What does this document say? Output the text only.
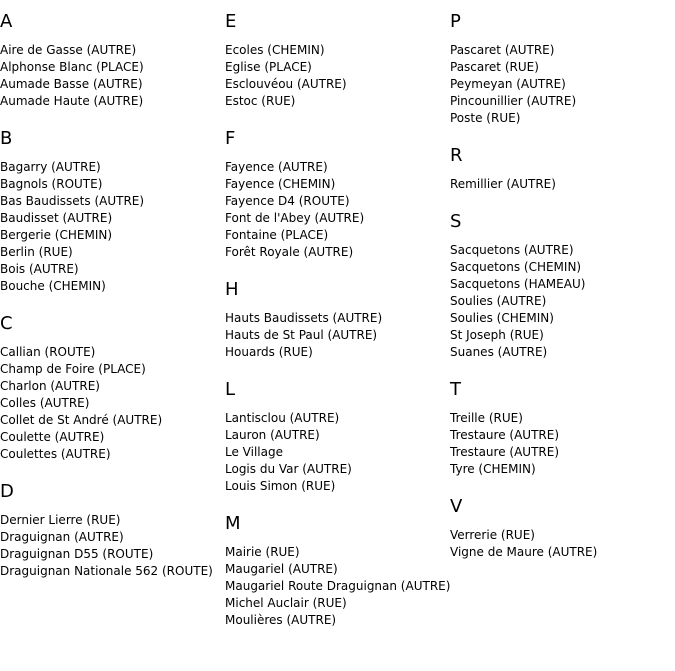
A
Aire de Gasse (AUTRE)
Alphonse Blanc (PLACE)
Aumade Basse (AUTRE)
Aumade Haute (AUTRE)
B
Bagarry (AUTRE)
Bagnols (ROUTE)
Bas Baudissets (AUTRE)
Baudisset (AUTRE)
Bergerie (CHEMIN)
Berlin (RUE)
Bois (AUTRE)
Bouche (CHEMIN)
C
Callian (ROUTE)
Champ de Foire (PLACE)
Charlon (AUTRE)
Colles (AUTRE)
Collet de St André (AUTRE)
Coulette (AUTRE)
Coulettes (AUTRE)
D
Dernier Lierre (RUE)
Draguignan (AUTRE)
Draguignan D55 (ROUTE)
Draguignan Nationale 562 (ROUTE)
E
Ecoles (CHEMIN)
Eglise (PLACE)
Esclouvéou (AUTRE)
Estoc (RUE)
F
Fayence (AUTRE)
Fayence (CHEMIN)
Fayence D4 (ROUTE)
Font de l'Abey (AUTRE)
Fontaine (PLACE)
Forêt Royale (AUTRE)
H
Hauts Baudissets (AUTRE)
Hauts de St Paul (AUTRE)
Houards (RUE)
L
Lantisclou (AUTRE)
Lauron (AUTRE)
Le Village
Logis du Var (AUTRE)
Louis Simon (RUE)
M
Mairie (RUE)
Maugariel (AUTRE)
Maugariel Route Draguignan (AUTRE)
Michel Auclair (RUE)
Moulières (AUTRE)
P
Pascaret (AUTRE)
Pascaret (RUE)
Peymeyan (AUTRE)
Pincounillier (AUTRE)
Poste (RUE)
R
Remillier (AUTRE)
S
Sacquetons (AUTRE)
Sacquetons (CHEMIN)
Sacquetons (HAMEAU)
Soulies (AUTRE)
Soulies (CHEMIN)
St Joseph (RUE)
Suanes (AUTRE)
T
Treille (RUE)
Trestaure (AUTRE)
Trestaure (AUTRE)
Tyre (CHEMIN)
V
Verrerie (RUE)
Vigne de Maure (AUTRE)
